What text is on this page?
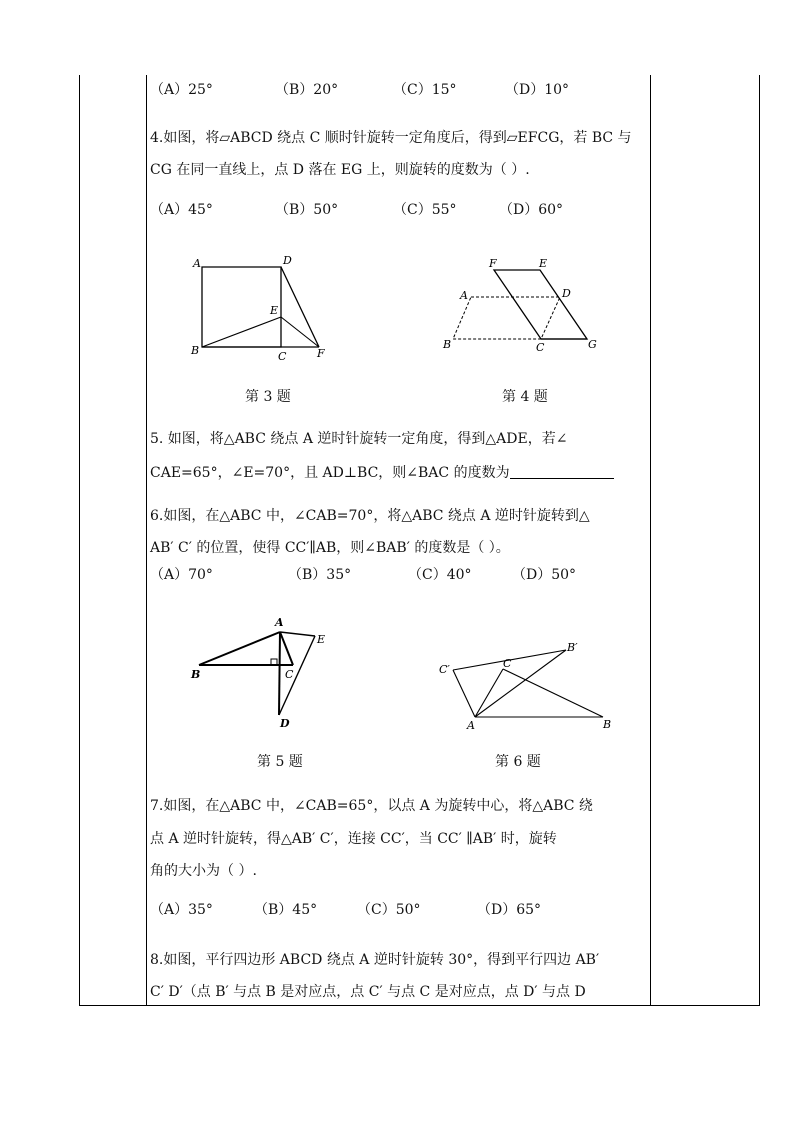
（A）25°	（B）20°	（C）15°	（D）10°
4.如图，将▱ABCD 绕点 C 顺时针旋转一定角度后，得到▱EFCG，若 BC 与
CG 在同一直线上，点 D 落在 EG 上，则旋转的度数为（ ）.
（A）45°	（B）50°	（C）55°	（D）60°
5. 如图，将△ABC 绕点 A 逆时针旋转一定角度，得到△ADE，若∠
CAE=65°，∠E=70°，且 AD⊥BC，则∠BAC 的度数为
6.如图，在△ABC 中，∠CAB=70°，将△ABC 绕点 A 逆时针旋转到△
AB′ C′ 的位置，使得 CC′∥AB，则∠BAB′ 的度数是（ ）。
（A）70°	（B）35°	（C）40°	（D）50°
7.如图，在△ABC 中，∠CAB=65°，以点 A 为旋转中心，将△ABC 绕
点 A 逆时针旋转，得△AB′ C′，连接 CC′，当 CC′ ∥AB′ 时，旋转
角的大小为（ ）.
（A）35°	（B）45°	（C）50°	（D）65°
8.如图，平行四边形 ABCD 绕点 A 逆时针旋转 30°，得到平行四边 AB′
C′ D′（点 B′ 与点 B 是对应点，点 C′ 与点 C 是对应点，点 D′ 与点 D
A	D
E
B	C	F
第 3 题
F	E
A	D
B	C	G
第 4 题
A
E
B	C
D
第 5 题
C′	C
B′
A	B
第 6 题
